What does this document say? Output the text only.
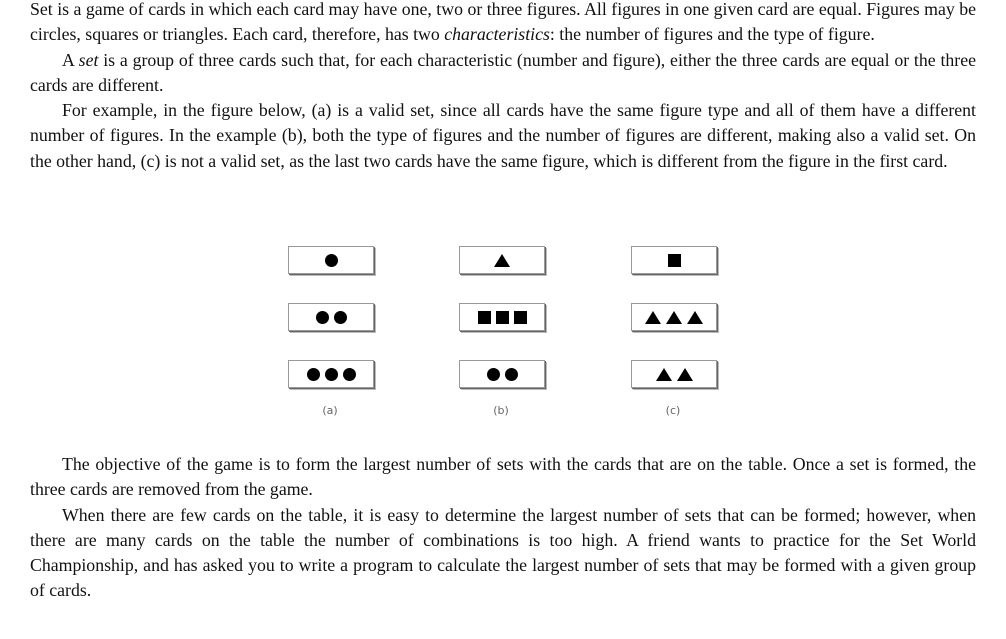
Set is a game of cards in which each card may have one, two or three figures. All figures in one given card are equal. Figures may be circles, squares or triangles. Each card, therefore, has two characteristics: the number of figures and the type of figure.

A set is a group of three cards such that, for each characteristic (number and figure), either the three cards are equal or the three cards are different.

For example, in the figure below, (a) is a valid set, since all cards have the same figure type and all of them have a different number of figures. In the example (b), both the type of figures and the number of figures are different, making also a valid set. On the other hand, (c) is not a valid set, as the last two cards have the same figure, which is different from the figure in the first card.

(a)	(b)	(c)

The objective of the game is to form the largest number of sets with the cards that are on the table. Once a set is formed, the three cards are removed from the game.

When there are few cards on the table, it is easy to determine the largest number of sets that can be formed; however, when there are many cards on the table the number of combinations is too high. A friend wants to practice for the Set World Championship, and has asked you to write a program to calculate the largest number of sets that may be formed with a given group of cards.
